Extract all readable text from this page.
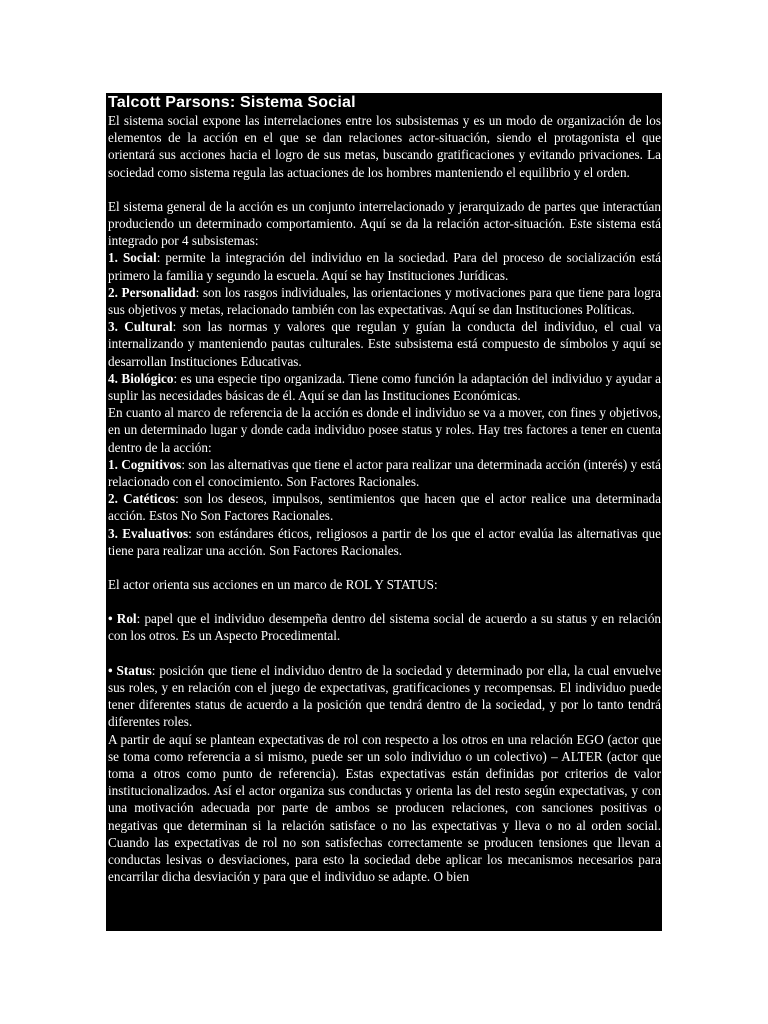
Talcott Parsons: Sistema Social

El sistema social expone las interrelaciones entre los subsistemas y es un modo de organización de los elementos de la acción en el que se dan relaciones actor-situación, siendo el protagonista el que orientará sus acciones hacia el logro de sus metas, buscando gratificaciones y evitando privaciones. La sociedad como sistema regula las actuaciones de los hombres manteniendo el equilibrio y el orden.

El sistema general de la acción es un conjunto interrelacionado y jerarquizado de partes que interactúan produciendo un determinado comportamiento. Aquí se da la relación actor-situación. Este sistema está integrado por 4 subsistemas:

1. Social: permite la integración del individuo en la sociedad. Para del proceso de socialización está primero la familia y segundo la escuela. Aquí se hay Instituciones Jurídicas.

2. Personalidad: son los rasgos individuales, las orientaciones y motivaciones para que tiene para logra sus objetivos y metas, relacionado también con las expectativas. Aquí se dan Instituciones Políticas.

3. Cultural: son las normas y valores que regulan y guían la conducta del individuo, el cual va internalizando y manteniendo pautas culturales. Este subsistema está compuesto de símbolos y aquí se desarrollan Instituciones Educativas.

4. Biológico: es una especie tipo organizada. Tiene como función la adaptación del individuo y ayudar a suplir las necesidades básicas de él. Aquí se dan las Instituciones Económicas.

En cuanto al marco de referencia de la acción es donde el individuo se va a mover, con fines y objetivos, en un determinado lugar y donde cada individuo posee status y roles. Hay tres factores a tener en cuenta dentro de la acción:

1. Cognitivos: son las alternativas que tiene el actor para realizar una determinada acción (interés) y está relacionado con el conocimiento. Son Factores Racionales.

2. Catéticos: son los deseos, impulsos, sentimientos que hacen que el actor realice una determinada acción. Estos No Son Factores Racionales.

3. Evaluativos: son estándares éticos, religiosos a partir de los que el actor evalúa las alternativas que tiene para realizar una acción. Son Factores Racionales.

El actor orienta sus acciones en un marco de ROL Y STATUS:

• Rol: papel que el individuo desempeña dentro del sistema social de acuerdo a su status y en relación con los otros. Es un Aspecto Procedimental.

• Status: posición que tiene el individuo dentro de la sociedad y determinado por ella, la cual envuelve sus roles, y en relación con el juego de expectativas, gratificaciones y recompensas. El individuo puede tener diferentes status de acuerdo a la posición que tendrá dentro de la sociedad, y por lo tanto tendrá diferentes roles.

A partir de aquí se plantean expectativas de rol con respecto a los otros en una relación EGO (actor que se toma como referencia a si mismo, puede ser un solo individuo o un colectivo) – ALTER (actor que toma a otros como punto de referencia). Estas expectativas están definidas por criterios de valor institucionalizados. Así el actor organiza sus conductas y orienta las del resto según expectativas, y con una motivación adecuada por parte de ambos se producen relaciones, con sanciones positivas o negativas que determinan si la relación satisface o no las expectativas y lleva o no al orden social. Cuando las expectativas de rol no son satisfechas correctamente se producen tensiones que llevan a conductas lesivas o desviaciones, para esto la sociedad debe aplicar los mecanismos necesarios para encarrilar dicha desviación y para que el individuo se adapte. O bien
